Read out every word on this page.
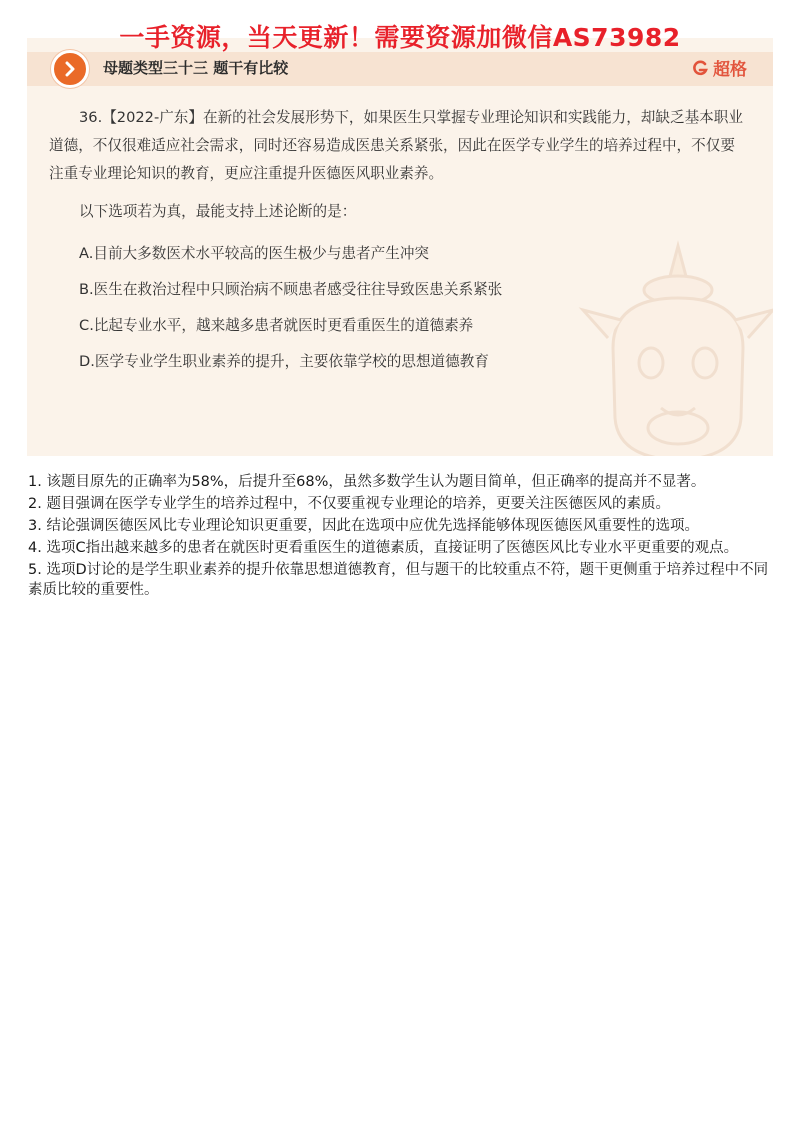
一手资源，当天更新！需要资源加微信AS73982
母题类型三十三 题干有比较	超格

36.【2022-广东】在新的社会发展形势下，如果医生只掌握专业理论知识和实践能力，却缺乏基本职业道德，不仅很难适应社会需求，同时还容易造成医患关系紧张，因此在医学专业学生的培养过程中，不仅要注重专业理论知识的教育，更应注重提升医德医风职业素养。

以下选项若为真，最能支持上述论断的是：

A.目前大多数医术水平较高的医生极少与患者产生冲突
B.医生在救治过程中只顾治病不顾患者感受往往导致医患关系紧张
C.比起专业水平，越来越多患者就医时更看重医生的道德素养
D.医学专业学生职业素养的提升，主要依靠学校的思想道德教育

1. 该题目原先的正确率为58%，后提升至68%，虽然多数学生认为题目简单，但正确率的提高并不显著。

2. 题目强调在医学专业学生的培养过程中，不仅要重视专业理论的培养，更要关注医德医风的素质。

3. 结论强调医德医风比专业理论知识更重要，因此在选项中应优先选择能够体现医德医风重要性的选项。

4. 选项C指出越来越多的患者在就医时更看重医生的道德素质，直接证明了医德医风比专业水平更重要的观点。

5. 选项D讨论的是学生职业素养的提升依靠思想道德教育，但与题干的比较重点不符，题干更侧重于培养过程中不同素质比较的重要性。
